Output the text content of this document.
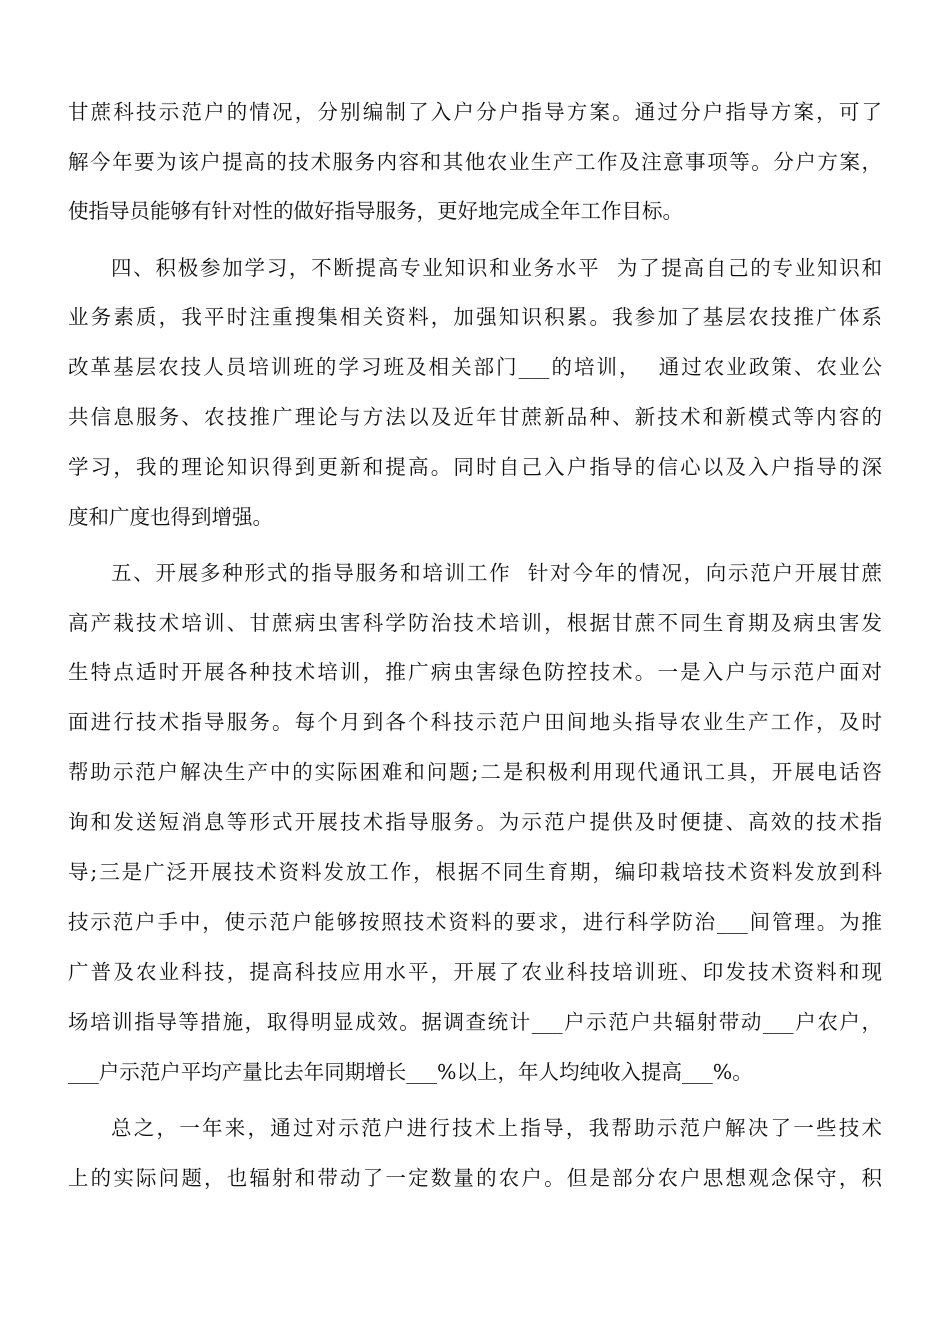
甘蔗科技示范户的情况，分别编制了入户分户指导方案。通过分户指导方案，可了
解今年要为该户提高的技术服务内容和其他农业生产工作及注意事项等。分户方案，
使指导员能够有针对性的做好指导服务，更好地完成全年工作目标。
四、积极参加学习，不断提高专业知识和业务水平  为了提高自己的专业知识和
业务素质，我平时注重搜集相关资料，加强知识积累。我参加了基层农技推广体系
改革基层农技人员培训班的学习班及相关部门___的培训，  通过农业政策、农业公
共信息服务、农技推广理论与方法以及近年甘蔗新品种、新技术和新模式等内容的
学习，我的理论知识得到更新和提高。同时自己入户指导的信心以及入户指导的深
度和广度也得到增强。
五、开展多种形式的指导服务和培训工作  针对今年的情况，向示范户开展甘蔗
高产栽技术培训、甘蔗病虫害科学防治技术培训，根据甘蔗不同生育期及病虫害发
生特点适时开展各种技术培训，推广病虫害绿色防控技术。一是入户与示范户面对
面进行技术指导服务。每个月到各个科技示范户田间地头指导农业生产工作，及时
帮助示范户解决生产中的实际困难和问题;二是积极利用现代通讯工具，开展电话咨
询和发送短消息等形式开展技术指导服务。为示范户提供及时便捷、高效的技术指
导;三是广泛开展技术资料发放工作，根据不同生育期，编印栽培技术资料发放到科
技示范户手中，使示范户能够按照技术资料的要求，进行科学防治___间管理。为推
广普及农业科技，提高科技应用水平，开展了农业科技培训班、印发技术资料和现
场培训指导等措施，取得明显成效。据调查统计___户示范户共辐射带动___户农户，
___户示范户平均产量比去年同期增长___%以上，年人均纯收入提高___%。
总之，一年来，通过对示范户进行技术上指导，我帮助示范户解决了一些技术
上的实际问题，也辐射和带动了一定数量的农户。但是部分农户思想观念保守，积
